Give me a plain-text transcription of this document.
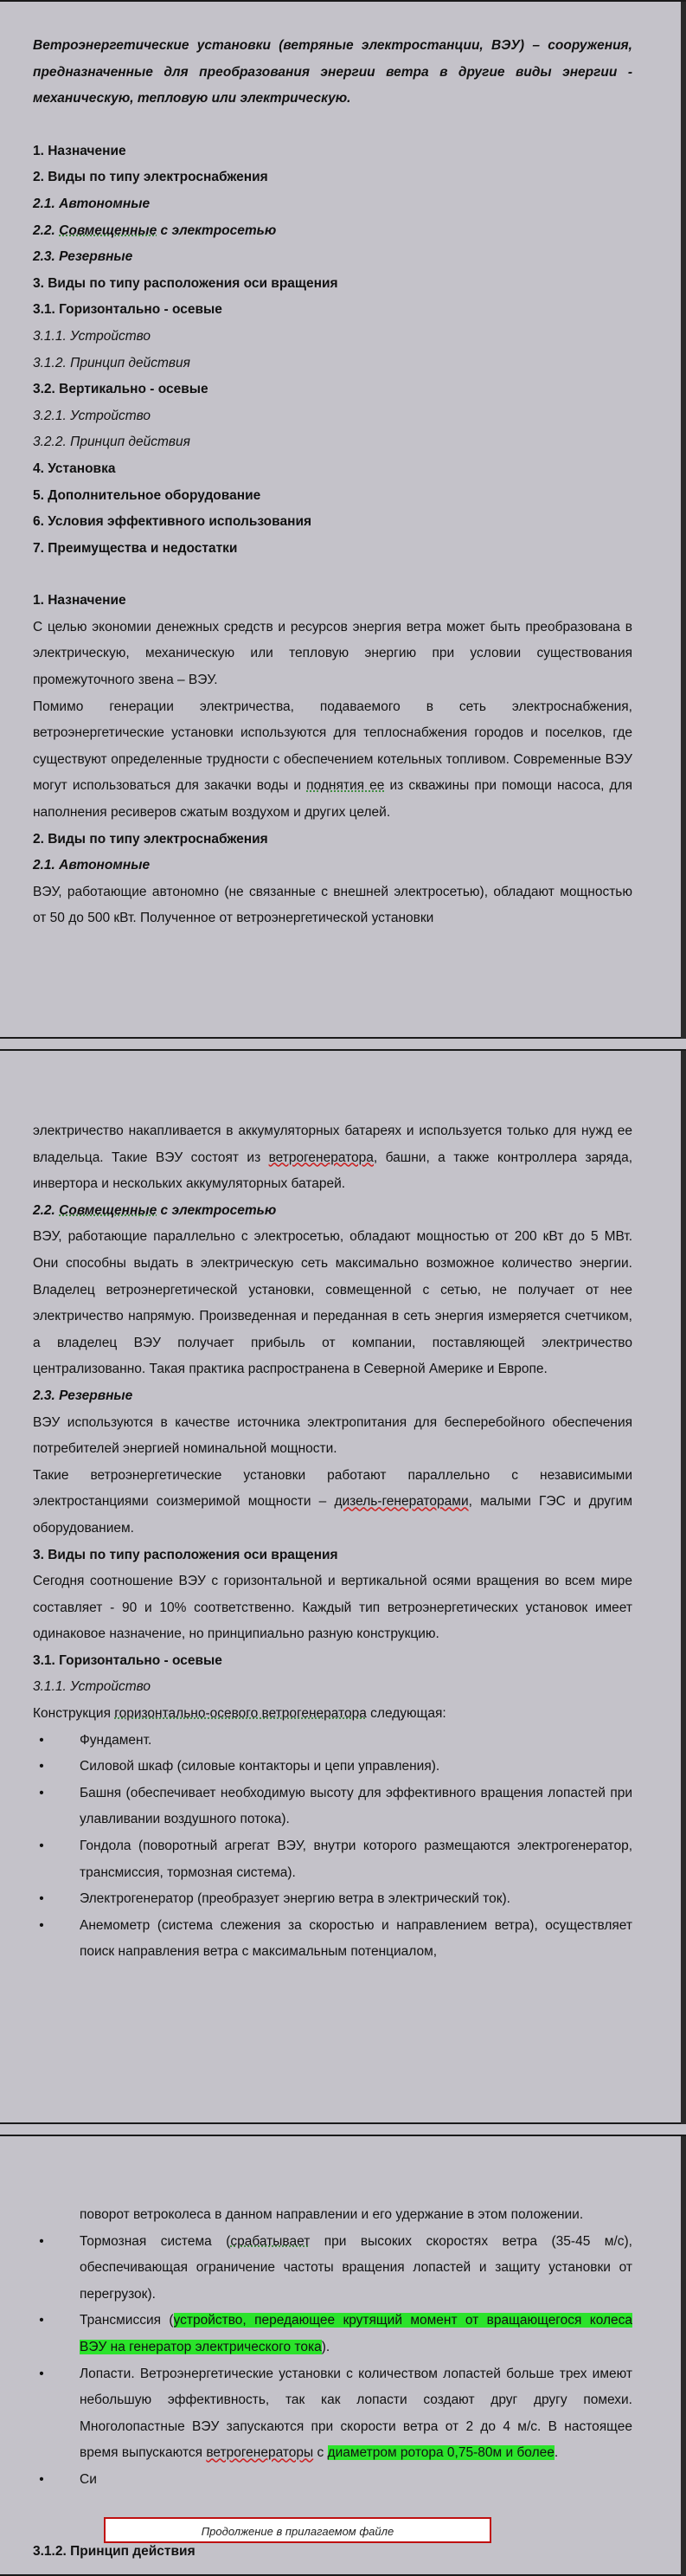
Ветроэнергетические установки (ветряные электростанции, ВЭУ) – сооружения, предназначенные для преобразования энергии ветра в другие виды энергии - механическую, тепловую или электрическую.

1. Назначение

2. Виды по типу электроснабжения

2.1. Автономные

2.2. Совмещенные с электросетью

2.3. Резервные

3. Виды по типу расположения оси вращения

3.1. Горизонтально - осевые

3.1.1. Устройство

3.1.2. Принцип действия

3.2. Вертикально - осевые

3.2.1. Устройство

3.2.2. Принцип действия

4. Установка

5. Дополнительное оборудование

6. Условия эффективного использования

7. Преимущества и недостатки

1. Назначение

С целью экономии денежных средств и ресурсов энергия ветра может быть преобразована в электрическую, механическую или тепловую энергию при условии существования промежуточного звена – ВЭУ.

Помимо генерации электричества, подаваемого в сеть электроснабжения, ветроэнергетические установки используются для теплоснабжения городов и поселков, где существуют определенные трудности с обеспечением котельных топливом. Современные ВЭУ могут использоваться для закачки воды и поднятия ее из скважины при помощи насоса, для наполнения ресиверов сжатым воздухом и других целей.

2. Виды по типу электроснабжения

2.1. Автономные

ВЭУ, работающие автономно (не связанные с внешней электросетью), обладают мощностью от 50 до 500 кВт. Полученное от ветроэнергетической установки

электричество накапливается в аккумуляторных батареях и используется только для нужд ее владельца. Такие ВЭУ состоят из ветрогенератора, башни, а также контроллера заряда, инвертора и нескольких аккумуляторных батарей.

2.2. Совмещенные с электросетью

ВЭУ, работающие параллельно с электросетью, обладают мощностью от 200 кВт до 5 МВт. Они способны выдать в электрическую сеть максимально возможное количество энергии. Владелец ветроэнергетической установки, совмещенной с сетью, не получает от нее электричество напрямую. Произведенная и переданная в сеть энергия измеряется счетчиком, а владелец ВЭУ получает прибыль от компании, поставляющей электричество централизованно. Такая практика распространена в Северной Америке и Европе.

2.3. Резервные

ВЭУ используются в качестве источника электропитания для бесперебойного обеспечения потребителей энергией номинальной мощности.

Такие ветроэнергетические установки работают параллельно с независимыми электростанциями соизмеримой мощности – дизель-генераторами, малыми ГЭС и другим оборудованием.

3. Виды по типу расположения оси вращения

Сегодня соотношение ВЭУ с горизонтальной и вертикальной осями вращения во всем мире составляет - 90 и 10% соответственно. Каждый тип ветроэнергетических установок имеет одинаковое назначение, но принципиально разную конструкцию.

3.1. Горизонтально - осевые

3.1.1. Устройство

Конструкция горизонтально-осевого ветрогенератора следующая:

•	Фундамент.
•	Силовой шкаф (силовые контакторы и цепи управления).
•	Башня (обеспечивает необходимую высоту для эффективного вращения лопастей при улавливании воздушного потока).
•	Гондола (поворотный агрегат ВЭУ, внутри которого размещаются электрогенератор, трансмиссия, тормозная система).
•	Электрогенератор (преобразует энергию ветра в электрический ток).
•	Анемометр (система слежения за скоростью и направлением ветра), осуществляет поиск направления ветра с максимальным потенциалом,
поворот ветроколеса в данном направлении и его удержание в этом положении.
•	Тормозная система (срабатывает при высоких скоростях ветра (35-45 м/с), обеспечивающая ограничение частоты вращения лопастей и защиту установки от перегрузок).
•	Трансмиссия (устройство, передающее крутящий момент от вращающегося колеса ВЭУ на генератор электрического тока).
•	Лопасти. Ветроэнергетические установки с количеством лопастей больше трех имеют небольшую эффективность, так как лопасти создают друг другу помехи. Многолопастные ВЭУ запускаются при скорости ветра от 2 до 4 м/с. В настоящее время выпускаются ветрогенераторы с диаметром ротора 0,75-80м и более.
•	Си
3.1.2. Принцип действия
Продолжение в прилагаемом файле
